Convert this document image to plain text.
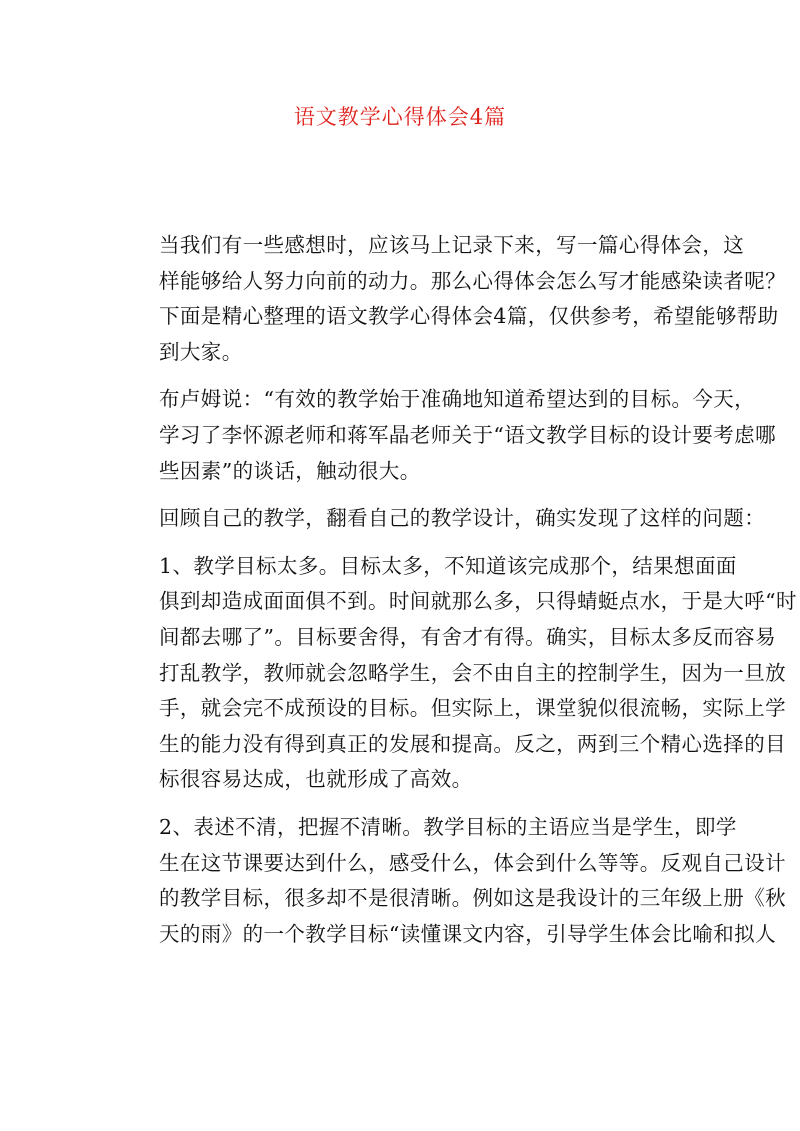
语文教学心得体会4篇

当我们有一些感想时，应该马上记录下来，写一篇心得体会，这
样能够给人努力向前的动力。那么心得体会怎么写才能感染读者呢？
下面是精心整理的语文教学心得体会4篇，仅供参考，希望能够帮助
到大家。

布卢姆说：“有效的教学始于准确地知道希望达到的目标。今天，
学习了李怀源老师和蒋军晶老师关于“语文教学目标的设计要考虑哪
些因素”的谈话，触动很大。

回顾自己的教学，翻看自己的教学设计，确实发现了这样的问题：

1、教学目标太多。目标太多，不知道该完成那个，结果想面面
俱到却造成面面俱不到。时间就那么多，只得蜻蜓点水，于是大呼“时
间都去哪了”。目标要舍得，有舍才有得。确实，目标太多反而容易
打乱教学，教师就会忽略学生，会不由自主的控制学生，因为一旦放
手，就会完不成预设的目标。但实际上，课堂貌似很流畅，实际上学
生的能力没有得到真正的发展和提高。反之，两到三个精心选择的目
标很容易达成，也就形成了高效。

2、表述不清，把握不清晰。教学目标的主语应当是学生，即学
生在这节课要达到什么，感受什么，体会到什么等等。反观自己设计
的教学目标，很多却不是很清晰。例如这是我设计的三年级上册《秋
天的雨》的一个教学目标“读懂课文内容，引导学生体会比喻和拟人
